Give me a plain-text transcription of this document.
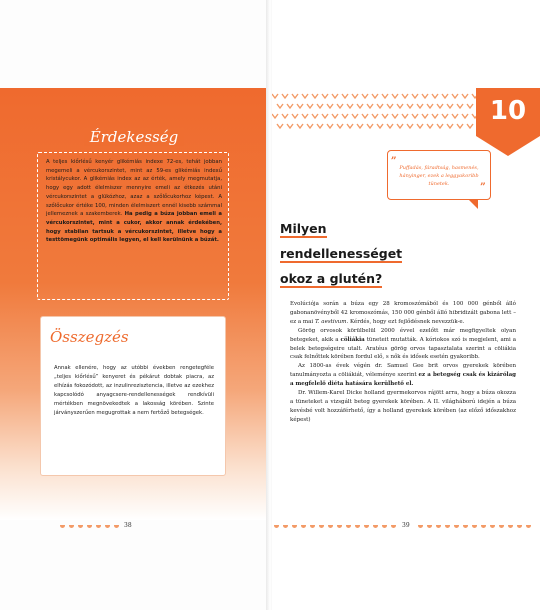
Érdekesség
A teljes kiőrlésű kenyér glikémiás indexe 72-es, tehát jobban megemeli a vércukorszintet, mint az 59-es glikémiás indexű kristálycukor. A glikémiás index az az érték, amely megmutatja, hogy egy adott élelmiszer mennyire emeli az étkezés utáni vércukorszintet a glükózhoz, azaz a szőlőcukorhoz képest. A szőlőcukor értéke 100, minden élelmiszert ennél kisebb számmal jellemeznek a szakemberek. Ha pedig a búza jobban emeli a vércukorszintet, mint a cukor, akkor annak érdekében, hogy stabilan tartsuk a vércukorszintet, illetve hogy a testtömegünk optimális legyen, el kell kerülnünk a búzát.
Összegzés
Annak ellenére, hogy az utóbbi években rengetegféle „teljes kiőrlésű” kenyeret és pékárut dobtak piacra, az elhízás fokozódott, az inzulinrezisztencia, illetve az ezekhez kapcsolódó anyagcsere-rendellenességek rendkívüli mértékben megnövekedtek a lakosság körében. Szinte járványszerűen megugrottak a nem fertőző betegségek.
38
10
„
”
Puffadás, fáradtság, hasmenés, hányinger, ezek a leggyakoribb tünetek.
Milyen
rendellenességet
okoz a glutén?

Evolúciója során a búza egy 28 kromoszómából és 100 000 génből álló gabonanövényből 42 kromoszómás, 150 000 génből álló hibridizált gabona lett – ez a mai T. aestivum. Kérdés, hogy ezt fejlődésnek nevezzük-e.

Görög orvosok körülbelül 2000 évvel ezelőtt már megfigyeltek olyan betegeket, akik a cöliákia tüneteit mutatták. A kóriokos szó is megjelent, ami a belek betegségeire utalt. Aratéus görög orvos tapasztalata szerint a cöliákia csak felnőttek körében fordul elő, s nők és idősek esetén gyakoribb.

Az 1800-as évek végén dr. Samuel Gee brit orvos gyerekek körében tanulmányozta a cöliákiát, véleménye szerint ez a betegség csak és kizárólag a megfelelő diéta hatására kerülhető el.

Dr. Willem-Karel Dicke holland gyermekorvos rájött arra, hogy a búza okozza a tüneteket a vizsgált beteg gyerekek körében. A II. világháború idején a búza kevésbé volt hozzáférhető, így a holland gyerekek körében (az előző időszakhoz képest)

39
